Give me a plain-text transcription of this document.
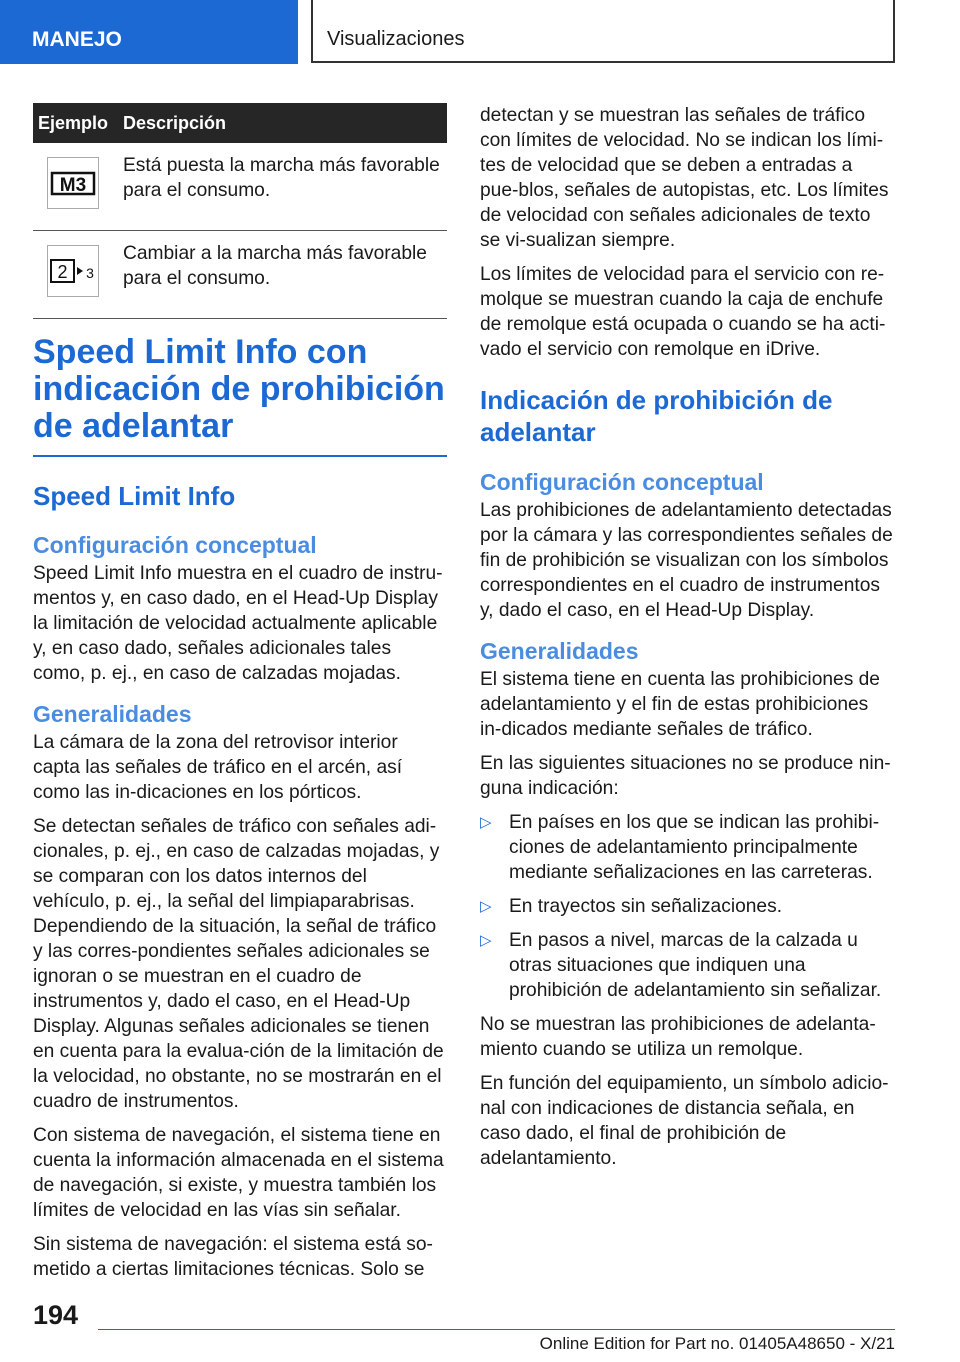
MANEJO	Visualizaciones
Ejemplo	Descripción

M3	Está puesta la marcha más favorable para el consumo.

2 3	Cambiar a la marcha más favorable para el consumo.
Speed Limit Info con indicación de prohibición de adelantar
Speed Limit Info
Configuración conceptual

Speed Limit Info muestra en el cuadro de instru-mentos y, en caso dado, en el Head-Up Display la limitación de velocidad actualmente aplicable y, en caso dado, señales adicionales tales como, p. ej., en caso de calzadas mojadas.

Generalidades

La cámara de la zona del retrovisor interior capta las señales de tráfico en el arcén, así como las in-dicaciones en los pórticos.

Se detectan señales de tráfico con señales adi-cionales, p. ej., en caso de calzadas mojadas, y se comparan con los datos internos del vehículo, p. ej., la señal del limpiaparabrisas. Dependiendo de la situación, la señal de tráfico y las corres-pondientes señales adicionales se ignoran o se muestran en el cuadro de instrumentos y, dado el caso, en el Head-Up Display. Algunas señales adicionales se tienen en cuenta para la evalua-ción de la limitación de la velocidad, no obstante, no se mostrarán en el cuadro de instrumentos.

Con sistema de navegación, el sistema tiene en cuenta la información almacenada en el sistema de navegación, si existe, y muestra también los límites de velocidad en las vías sin señalar.

Sin sistema de navegación: el sistema está so-metido a ciertas limitaciones técnicas. Solo se

detectan y se muestran las señales de tráfico con límites de velocidad. No se indican los lími-tes de velocidad que se deben a entradas a pue-blos, señales de autopistas, etc. Los límites de velocidad con señales adicionales de texto se vi-sualizan siempre.

Los límites de velocidad para el servicio con re-molque se muestran cuando la caja de enchufe de remolque está ocupada o cuando se ha acti-vado el servicio con remolque en iDrive.

Indicación de prohibición de adelantar
Configuración conceptual

Las prohibiciones de adelantamiento detectadas por la cámara y las correspondientes señales de fin de prohibición se visualizan con los símbolos correspondientes en el cuadro de instrumentos y, dado el caso, en el Head-Up Display.

Generalidades

El sistema tiene en cuenta las prohibiciones de adelantamiento y el fin de estas prohibiciones in-dicados mediante señales de tráfico.

En las siguientes situaciones no se produce nin-guna indicación:

▷ En países en los que se indican las prohibi-ciones de adelantamiento principalmente mediante señalizaciones en las carreteras.
▷ En trayectos sin señalizaciones.
▷ En pasos a nivel, marcas de la calzada u otras situaciones que indiquen una prohibición de adelantamiento sin señalizar.

No se muestran las prohibiciones de adelanta-miento cuando se utiliza un remolque.

En función del equipamiento, un símbolo adicio-nal con indicaciones de distancia señala, en caso dado, el final de prohibición de adelantamiento.

194
Online Edition for Part no. 01405A48650 - X/21
